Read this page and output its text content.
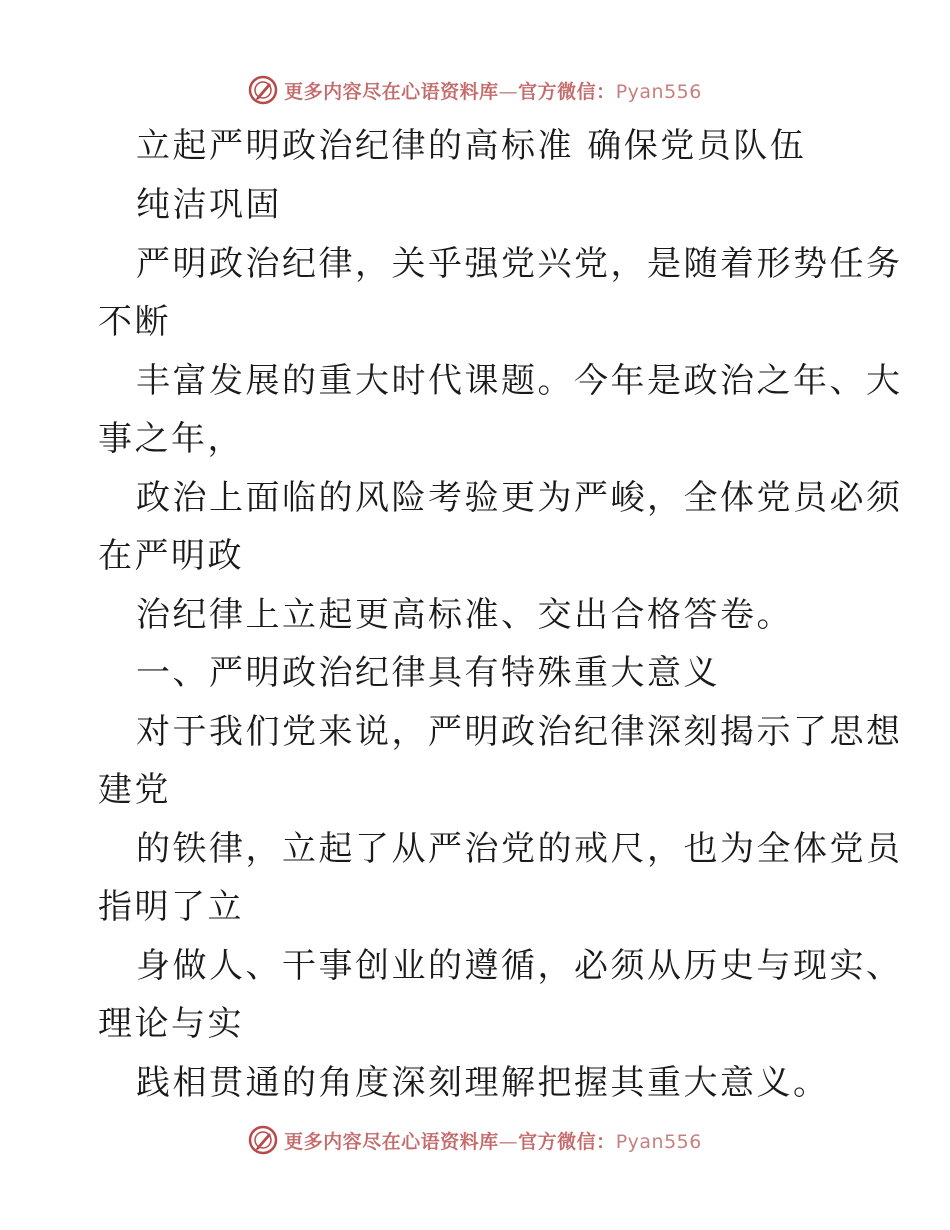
更多内容尽在心语资料库—官方微信：Pyan556
立起严明政治纪律的高标准 确保党员队伍
纯洁巩固
严明政治纪律，关乎强党兴党，是随着形势任务
不断
丰富发展的重大时代课题。今年是政治之年、大
事之年，
政治上面临的风险考验更为严峻，全体党员必须
在严明政
治纪律上立起更高标准、交出合格答卷。
一、严明政治纪律具有特殊重大意义
对于我们党来说，严明政治纪律深刻揭示了思想
建党
的铁律，立起了从严治党的戒尺，也为全体党员
指明了立
身做人、干事创业的遵循，必须从历史与现实、
理论与实
践相贯通的角度深刻理解把握其重大意义。
更多内容尽在心语资料库—官方微信：Pyan556
